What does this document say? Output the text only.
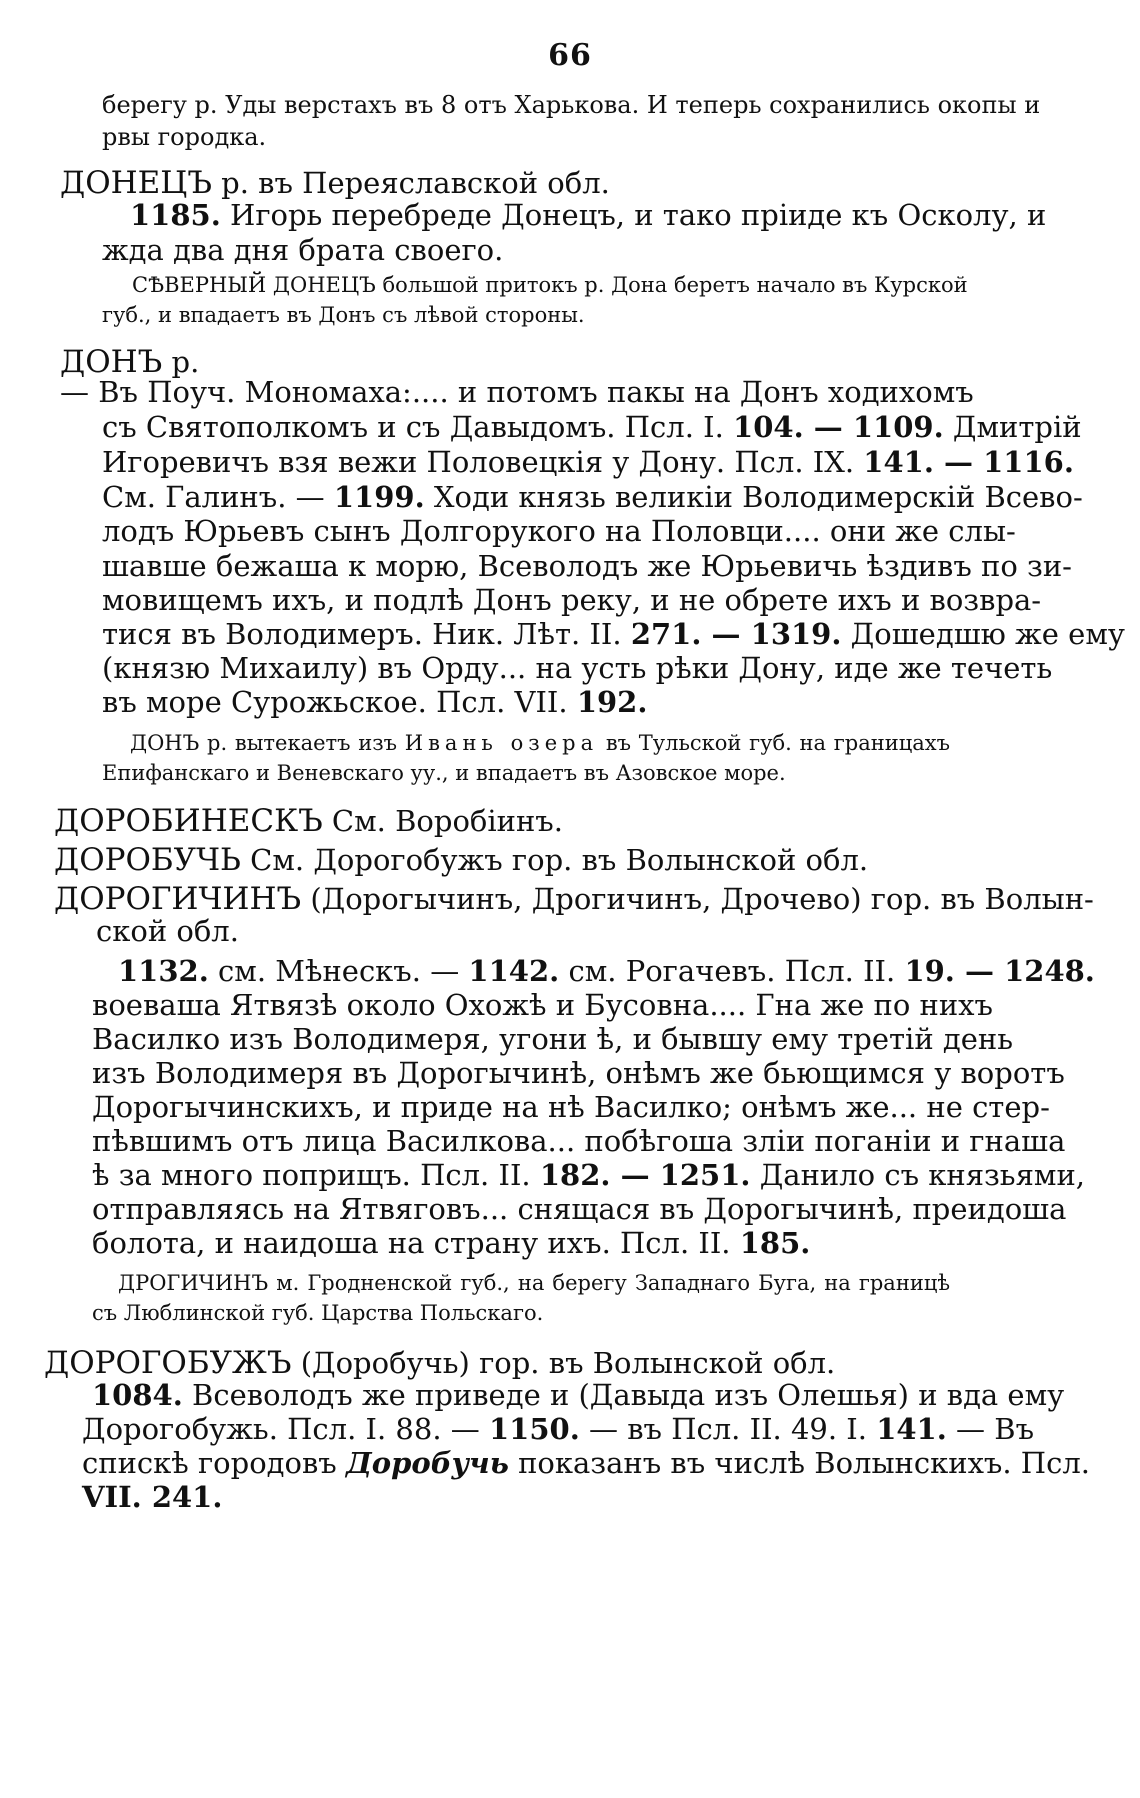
66
берегу р. Уды верстахъ въ 8 отъ Харькова. И теперь сохранились окопы и
рвы городка.
ДОНЕЦЪ р. въ Переяславской обл.
1185. Игорь перебреде Донецъ, и тако пріиде къ Осколу, и
жда два дня брата своего.
СѢВЕРНЫЙ ДОНЕЦЪ большой притокъ р. Дона беретъ начало въ Курской
губ., и впадаетъ въ Донъ съ лѣвой стороны.
ДОНЪ р.
— Въ Поуч. Мономаха:.... и потомъ пакы на Донъ ходихомъ
съ Святополкомъ и съ Давыдомъ. Псл. I. 104. — 1109. Дмитрій
Игоревичъ взя вежи Половецкія у Дону. Псл. IX. 141. — 1116.
См. Галинъ. — 1199. Ходи князь великіи Володимерскій Всево-
лодъ Юрьевъ сынъ Долгорукого на Половци.... они же слы-
шавше бежаша к морю, Всеволодъ же Юрьевичь ѣздивъ по зи-
мовищемъ ихъ, и подлѣ Донъ реку, и не обрете ихъ и возвра-
тися въ Володимеръ. Ник. Лѣт. II. 271. — 1319. Дошедшю же ему
(князю Михаилу) въ Орду... на усть рѣки Дону, иде же течеть
въ море Сурожьское. Псл. VII. 192.
ДОНЪ р. вытекаетъ изъ Ивань озера въ Тульской губ. на границахъ
Епифанскаго и Веневскаго уу., и впадаетъ въ Азовское море.
ДОРОБИНЕСКЪ См. Воробіинъ.
ДОРОБУЧЬ См. Дорогобужъ гор. въ Волынской обл.
ДОРОГИЧИНЪ (Дорогычинъ, Дрогичинъ, Дрочево) гор. въ Волын-
ской обл.
1132. см. Мѣнескъ. — 1142. см. Рогачевъ. Псл. II. 19. — 1248.
воеваша Ятвязѣ около Охожѣ и Бусовна.... Гна же по нихъ
Василко изъ Володимеря, угони ѣ, и бывшу ему третій день
изъ Володимеря въ Дорогычинѣ, онѣмъ же бьющимся у воротъ
Дорогычинскихъ, и приде на нѣ Василко; онѣмъ же... не стер-
пѣвшимъ отъ лица Василкова... побѣгоша зліи поганіи и гнаша
ѣ за много поприщъ. Псл. II. 182. — 1251. Данило съ князьями,
отправляясь на Ятвяговъ... снящася въ Дорогычинѣ, преидоша
болота, и наидоша на страну ихъ. Псл. II. 185.
ДРОГИЧИНЪ м. Гродненской губ., на берегу Западнаго Буга, на границѣ
съ Люблинской губ. Царства Польскаго.
ДОРОГОБУЖЪ (Доробучь) гор. въ Волынской обл.
1084. Всеволодъ же приведе и (Давыда изъ Олешья) и вда ему
Дорогобужь. Псл. I. 88. — 1150. — въ Псл. II. 49. I. 141. — Въ
спискѣ городовъ Доробучь показанъ въ числѣ Волынскихъ. Псл.
VII. 241.
